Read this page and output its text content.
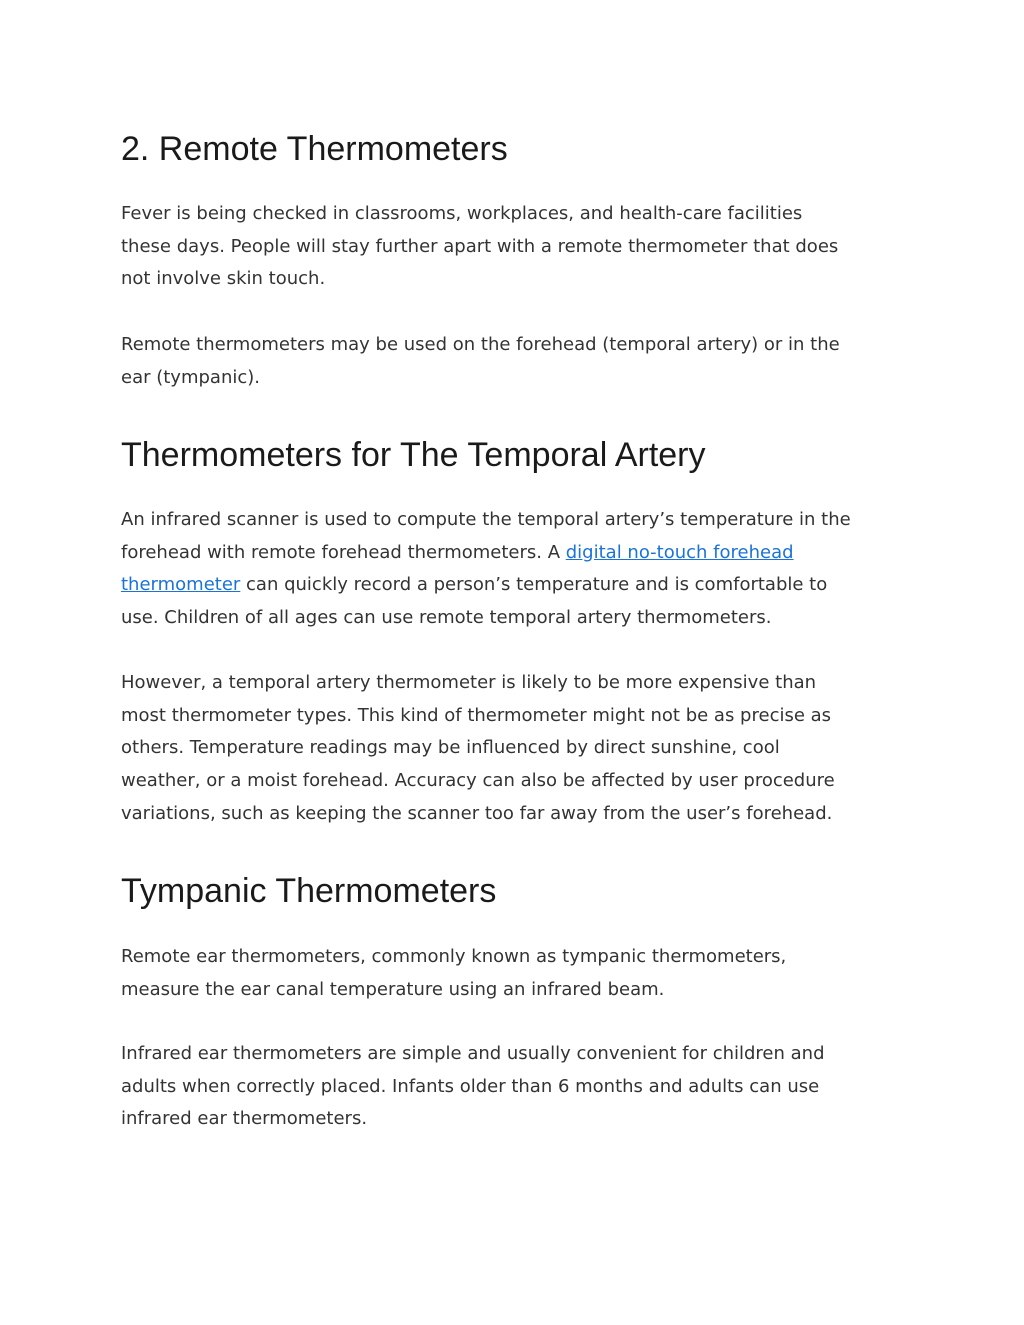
2. Remote Thermometers

Fever is being checked in classrooms, workplaces, and health-care facilities
these days. People will stay further apart with a remote thermometer that does
not involve skin touch.

Remote thermometers may be used on the forehead (temporal artery) or in the
ear (tympanic).

Thermometers for The Temporal Artery

An infrared scanner is used to compute the temporal artery’s temperature in the
forehead with remote forehead thermometers. A digital no-touch forehead
thermometer can quickly record a person’s temperature and is comfortable to
use. Children of all ages can use remote temporal artery thermometers.

However, a temporal artery thermometer is likely to be more expensive than
most thermometer types. This kind of thermometer might not be as precise as
others. Temperature readings may be influenced by direct sunshine, cool
weather, or a moist forehead. Accuracy can also be affected by user procedure
variations, such as keeping the scanner too far away from the user’s forehead.

Tympanic Thermometers

Remote ear thermometers, commonly known as tympanic thermometers,
measure the ear canal temperature using an infrared beam.

Infrared ear thermometers are simple and usually convenient for children and
adults when correctly placed. Infants older than 6 months and adults can use
infrared ear thermometers.
